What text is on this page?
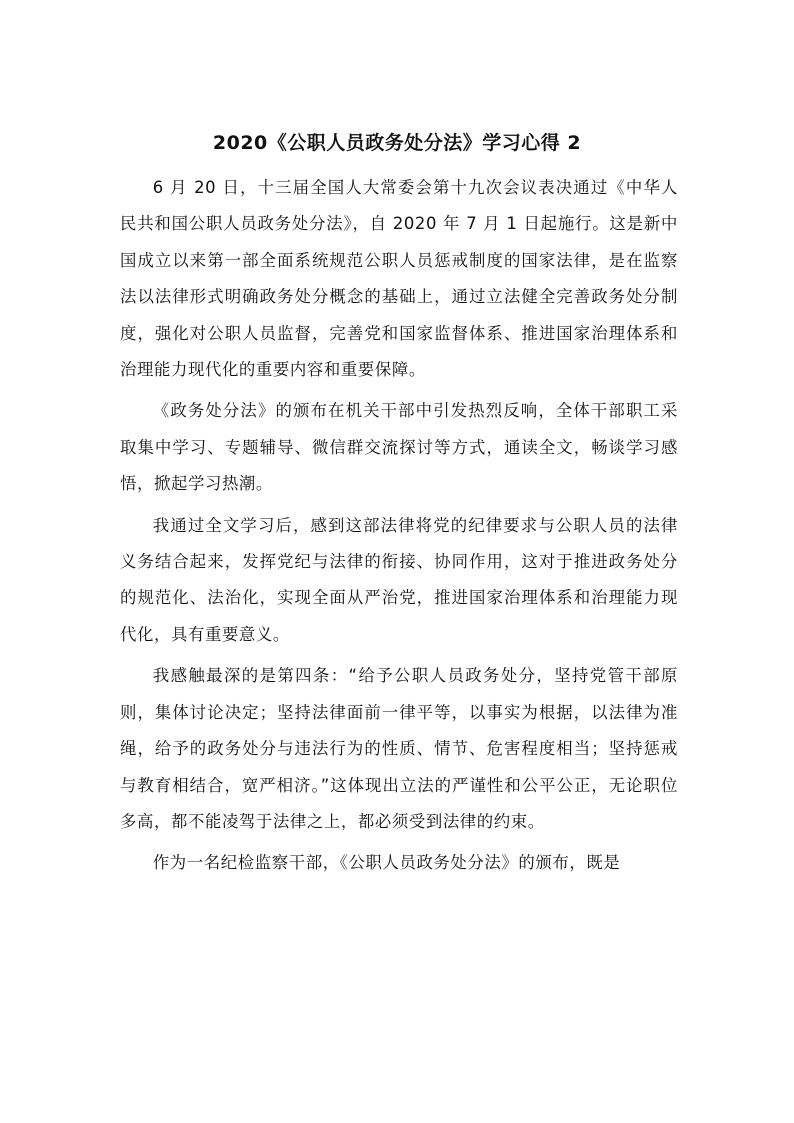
2020《公职人员政务处分法》学习心得 2

6 月 20 日，十三届全国人大常委会第十九次会议表决通过《中华人民共和国公职人员政务处分法》，自 2020 年 7 月 1 日起施行。这是新中国成立以来第一部全面系统规范公职人员惩戒制度的国家法律，是在监察法以法律形式明确政务处分概念的基础上，通过立法健全完善政务处分制度，强化对公职人员监督，完善党和国家监督体系、推进国家治理体系和治理能力现代化的重要内容和重要保障。

《政务处分法》的颁布在机关干部中引发热烈反响，全体干部职工采取集中学习、专题辅导、微信群交流探讨等方式，通读全文，畅谈学习感悟，掀起学习热潮。

我通过全文学习后，感到这部法律将党的纪律要求与公职人员的法律义务结合起来，发挥党纪与法律的衔接、协同作用，这对于推进政务处分的规范化、法治化，实现全面从严治党，推进国家治理体系和治理能力现代化，具有重要意义。

我感触最深的是第四条：“给予公职人员政务处分，坚持党管干部原则，集体讨论决定；坚持法律面前一律平等，以事实为根据，以法律为准绳，给予的政务处分与违法行为的性质、情节、危害程度相当；坚持惩戒与教育相结合，宽严相济。”这体现出立法的严谨性和公平公正，无论职位多高，都不能凌驾于法律之上，都必须受到法律的约束。

作为一名纪检监察干部，《公职人员政务处分法》的颁布，既是
